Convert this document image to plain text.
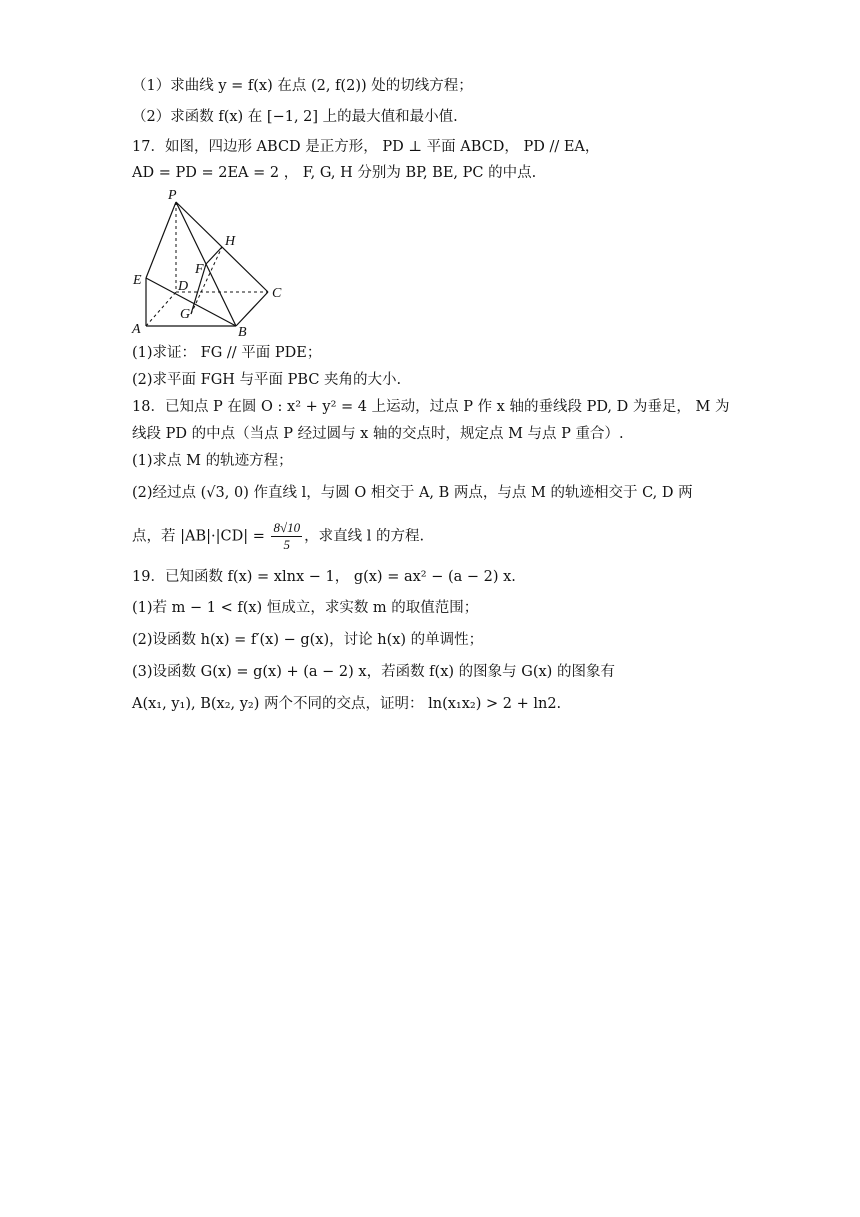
（1）求曲线 y = f(x) 在点 (2, f(2)) 处的切线方程；
（2）求函数 f(x) 在 [−1, 2] 上的最大值和最小值.
17．如图，四边形 ABCD 是正方形， PD ⊥ 平面 ABCD， PD // EA，
AD = PD = 2EA = 2 ， F, G, H 分别为 BP, BE, PC 的中点.
P
H
F
E	D	C
G
A	B
(1)求证： FG // 平面 PDE；
(2)求平面 FGH 与平面 PBC 夹角的大小.
18．已知点 P 在圆 O : x² + y² = 4 上运动，过点 P 作 x 轴的垂线段 PD, D 为垂足， M 为
线段 PD 的中点（当点 P 经过圆与 x 轴的交点时，规定点 M 与点 P 重合）.
(1)求点 M 的轨迹方程；
(2)经过点 (√3, 0) 作直线 l，与圆 O 相交于 A, B 两点，与点 M 的轨迹相交于 C, D 两
点，若 $|AB|\cdot|CD| = \frac{8√10}{5}$ ，求直线 l 的方程.
19．已知函数 f(x) = xlnx − 1， g(x) = ax² − (a − 2) x.
(1)若 m − 1 < f(x) 恒成立，求实数 m 的取值范围；
(2)设函数 h(x) = f′(x) − g(x)，讨论 h(x) 的单调性；
(3)设函数 G(x) = g(x) + (a − 2) x，若函数 f(x) 的图象与 G(x) 的图象有
A(x₁, y₁), B(x₂, y₂) 两个不同的交点，证明： ln(x₁x₂) > 2 + ln2.
